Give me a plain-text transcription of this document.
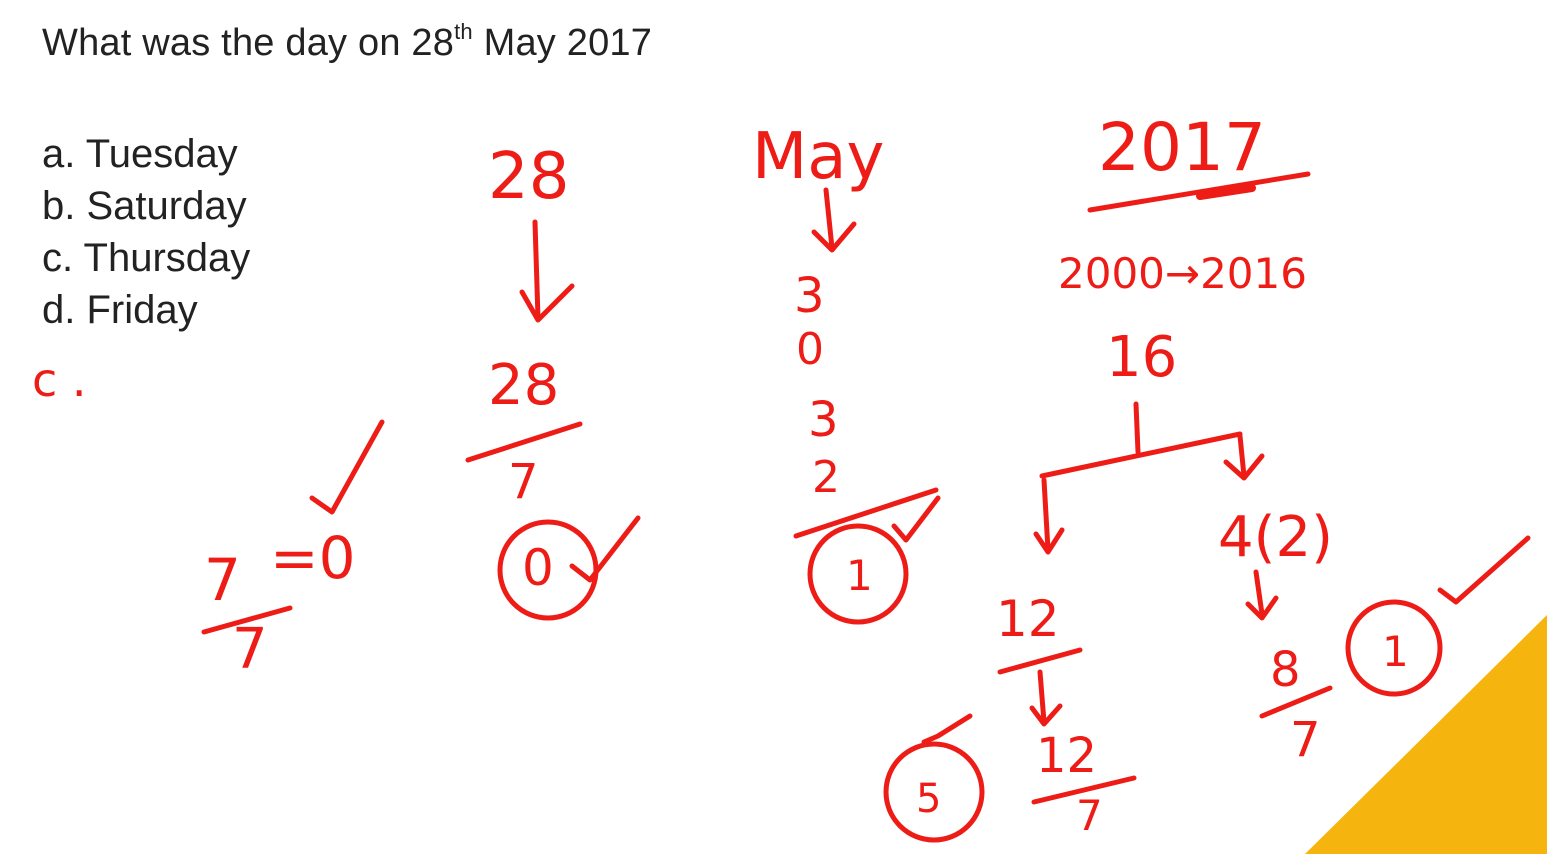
What was the day on 28th May 2017
a. Tuesday
b. Saturday
c. Thursday
d. Friday
c .
28
28
7
0
7
7
=0
May
3
0
3
2
1
2017
2000→2016
16
12
12
7
5
4(2)
8
7
1
